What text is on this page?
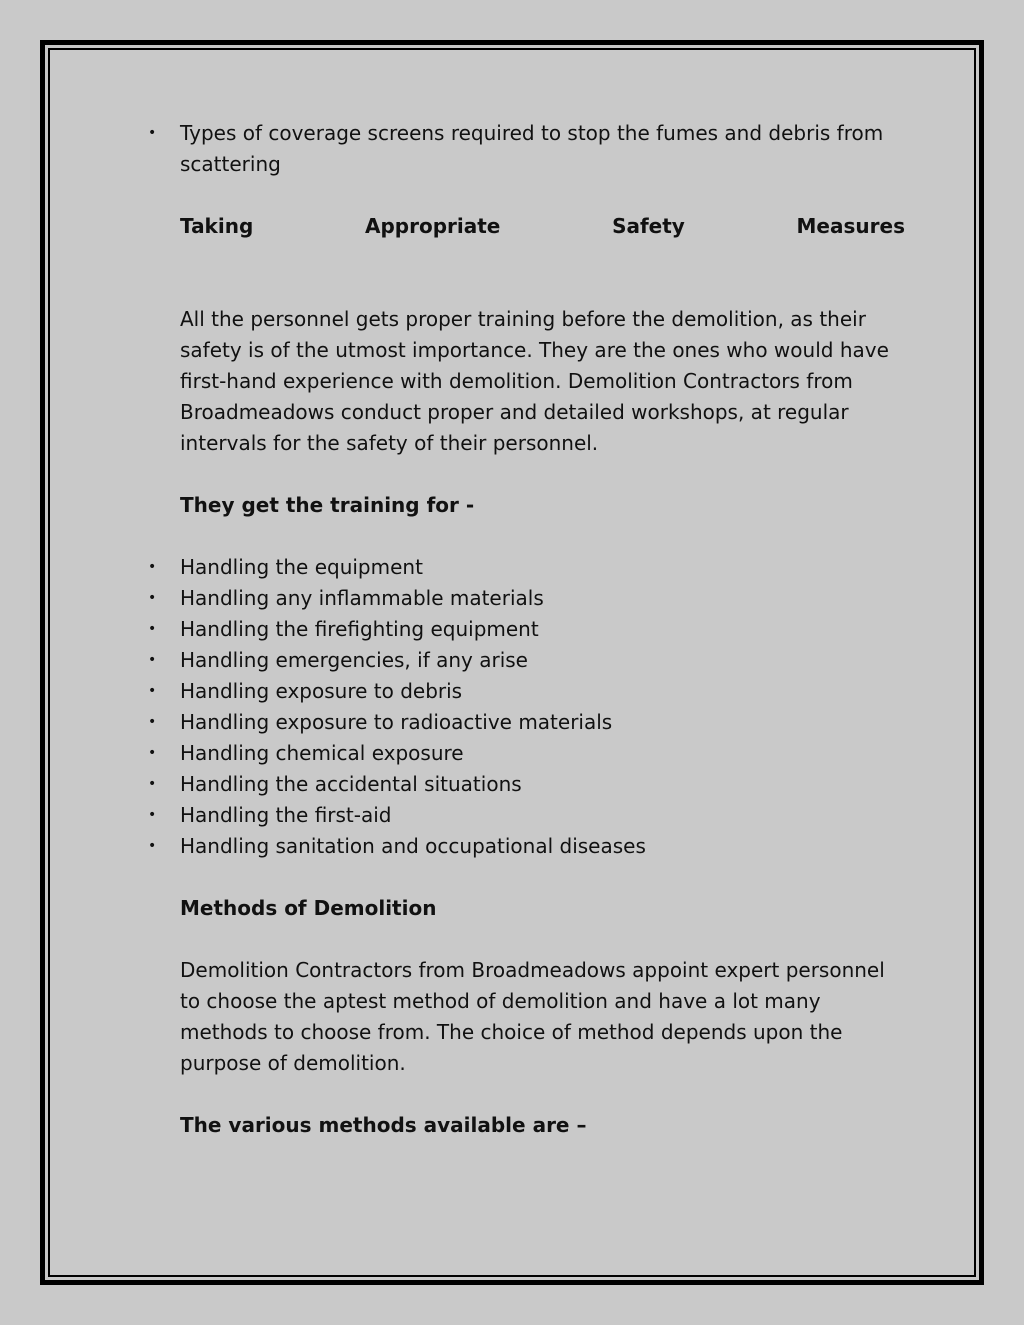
• Types of coverage screens required to stop the fumes and debris from scattering
Taking	Appropriate	Safety	Measures

All the personnel gets proper training before the demolition, as their safety is of the utmost importance. They are the ones who would have first-hand experience with demolition. Demolition Contractors from Broadmeadows conduct proper and detailed workshops, at regular intervals for the safety of their personnel.

They get the training for -

• Handling the equipment
• Handling any inflammable materials
• Handling the firefighting equipment
• Handling emergencies, if any arise
• Handling exposure to debris
• Handling exposure to radioactive materials
• Handling chemical exposure
• Handling the accidental situations
• Handling the first-aid
• Handling sanitation and occupational diseases

Methods of Demolition

Demolition Contractors from Broadmeadows appoint expert personnel to choose the aptest method of demolition and have a lot many methods to choose from. The choice of method depends upon the purpose of demolition.

The various methods available are –
